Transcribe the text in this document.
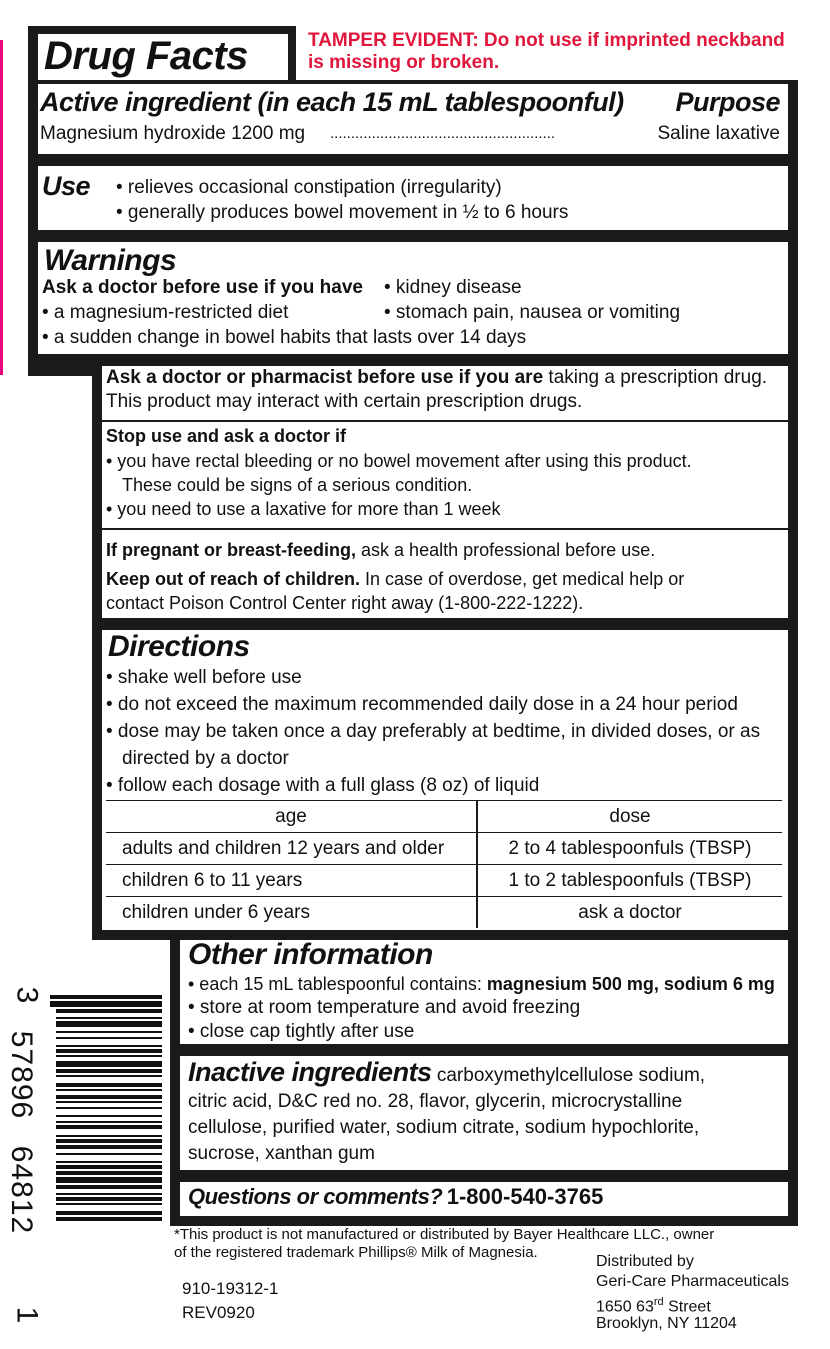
Drug Facts	TAMPER EVIDENT: Do not use if imprinted neckband
is missing or broken.
Active ingredient (in each 15 mL tablespoonful) Purpose
Magnesium hydroxide 1200 mg ......................................................	Saline laxative
Use • relieves occasional constipation (irregularity)
• generally produces bowel movement in ½ to 6 hours
Warnings
Ask a doctor before use if you have • kidney disease
• a magnesium-restricted diet	• stomach pain, nausea or vomiting
• a sudden change in bowel habits that lasts over 14 days
Ask a doctor or pharmacist before use if you are taking a prescription drug.
This product may interact with certain prescription drugs.
Stop use and ask a doctor if
• you have rectal bleeding or no bowel movement after using this product.
These could be signs of a serious condition.
• you need to use a laxative for more than 1 week
If pregnant or breast-feeding, ask a health professional before use.
Keep out of reach of children. In case of overdose, get medical help or
contact Poison Control Center right away (1-800-222-1222).
Directions
• shake well before use
• do not exceed the maximum recommended daily dose in a 24 hour period
• dose may be taken once a day preferably at bedtime, in divided doses, or as
directed by a doctor
• follow each dosage with a full glass (8 oz) of liquid
age	dose
adults and children 12 years and older	2 to 4 tablespoonfuls (TBSP)
children 6 to 11 years	1 to 2 tablespoonfuls (TBSP)
children under 6 years	ask a doctor
Other information
• each 15 mL tablespoonful contains: magnesium 500 mg, sodium 6 mg
• store at room temperature and avoid freezing
• close cap tightly after use
Inactive ingredients carboxymethylcellulose sodium,
citric acid, D&C red no. 28, flavor, glycerin, microcrystalline
cellulose, purified water, sodium citrate, sodium hypochlorite,
sucrose, xanthan gum
Questions or comments? 1-800-540-3765
*This product is not manufactured or distributed by Bayer Healthcare LLC., owner
of the registered trademark Phillips® Milk of Magnesia.
910-19312-1
REV0920
Distributed by
Geri-Care Pharmaceuticals
1650 63rd Street
Brooklyn, NY 11204
3
57896
64812
1
